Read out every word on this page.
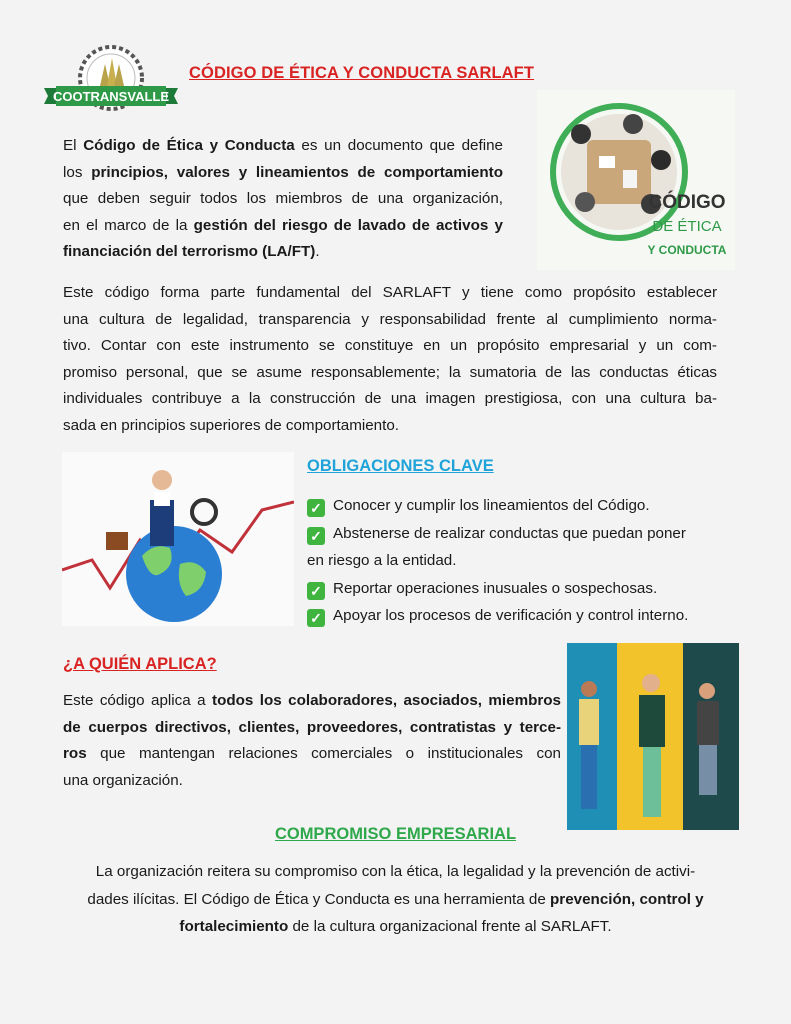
COOTRANSVALLE
CÓDIGO DE ÉTICA Y CONDUCTA SARLAFT
CÓDIGO
DE ÉTICA
Y CONDUCTA
El Código de Ética y Conducta es un documento que define
los principios, valores y lineamientos de comportamiento
que deben seguir todos los miembros de una organización,
en el marco de la gestión del riesgo de lavado de activos y
financiación del terrorismo (LA/FT).
Este código forma parte fundamental del SARLAFT y tiene como propósito establecer
una cultura de legalidad, transparencia y responsabilidad frente al cumplimiento norma-
tivo. Contar con este instrumento se constituye en un propósito empresarial y un com-
promiso personal, que se asume responsablemente; la sumatoria de las conductas éticas
individuales contribuye a la construcción de una imagen prestigiosa, con una cultura ba-
sada en principios superiores de comportamiento.
OBLIGACIONES CLAVE
✓ Conocer y cumplir los lineamientos del Código.
✓ Abstenerse de realizar conductas que puedan poner
en riesgo a la entidad.
✓ Reportar operaciones inusuales o sospechosas.
✓ Apoyar los procesos de verificación y control interno.
¿A QUIÉN APLICA?
Este código aplica a todos los colaboradores, asociados, miembros
de cuerpos directivos, clientes, proveedores, contratistas y terce-
ros que mantengan relaciones comerciales o institucionales con
una organización.
COMPROMISO EMPRESARIAL
La organización reitera su compromiso con la ética, la legalidad y la prevención de activi-
dades ilícitas. El Código de Ética y Conducta es una herramienta de prevención, control y
fortalecimiento de la cultura organizacional frente al SARLAFT.
